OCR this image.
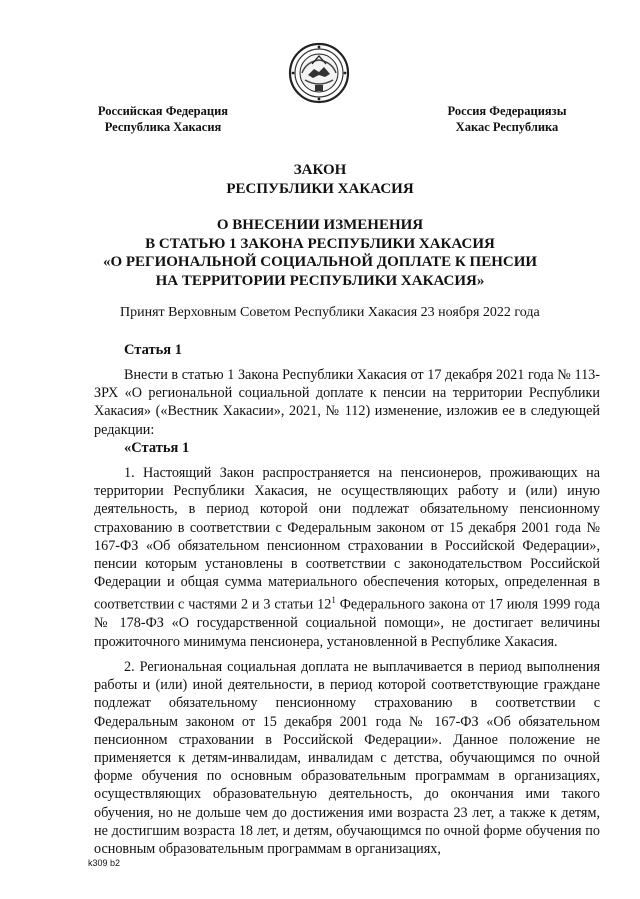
Российская Федерация
Республика Хакасия
Россия Федерациязы
Хакас Республика
ЗАКОН
РЕСПУБЛИКИ ХАКАСИЯ
О ВНЕСЕНИИ ИЗМЕНЕНИЯ
В СТАТЬЮ 1 ЗАКОНА РЕСПУБЛИКИ ХАКАСИЯ
«О РЕГИОНАЛЬНОЙ СОЦИАЛЬНОЙ ДОПЛАТЕ К ПЕНСИИ
НА ТЕРРИТОРИИ РЕСПУБЛИКИ ХАКАСИЯ»
Принят Верховным Советом Республики Хакасия 23 ноября 2022 года
Статья 1
Внести в статью 1 Закона Республики Хакасия от 17 декабря 2021 года № 113-ЗРХ «О региональной социальной доплате к пенсии на территории Республики Хакасия» («Вестник Хакасии», 2021, № 112) изменение, изложив ее в следующей редакции:
«Статья 1
1. Настоящий Закон распространяется на пенсионеров, проживающих на территории Республики Хакасия, не осуществляющих работу и (или) иную деятельность, в период которой они подлежат обязательному пенсионному страхованию в соответствии с Федеральным законом от 15 декабря 2001 года № 167-ФЗ «Об обязательном пенсионном страховании в Российской Федерации», пенсии которым установлены в соответствии с законодательством Российской Федерации и общая сумма материального обеспечения которых, определенная в соответствии с частями 2 и 3 статьи $12^1$ Федерального закона от 17 июля 1999 года № 178-ФЗ «О государственной социальной помощи», не достигает величины прожиточного минимума пенсионера, установленной в Республике Хакасия.
2. Региональная социальная доплата не выплачивается в период выполнения работы и (или) иной деятельности, в период которой соответствующие граждане подлежат обязательному пенсионному страхованию в соответствии с Федеральным законом от 15 декабря 2001 года № 167-ФЗ «Об обязательном пенсионном страховании в Российской Федерации». Данное положение не применяется к детям-инвалидам, инвалидам с детства, обучающимся по очной форме обучения по основным образовательным программам в организациях, осуществляющих образовательную деятельность, до окончания ими такого обучения, но не дольше чем до достижения ими возраста 23 лет, а также к детям, не достигшим возраста 18 лет, и детям, обучающимся по очной форме обучения по основным образовательным программам в организациях,
k309 b2
